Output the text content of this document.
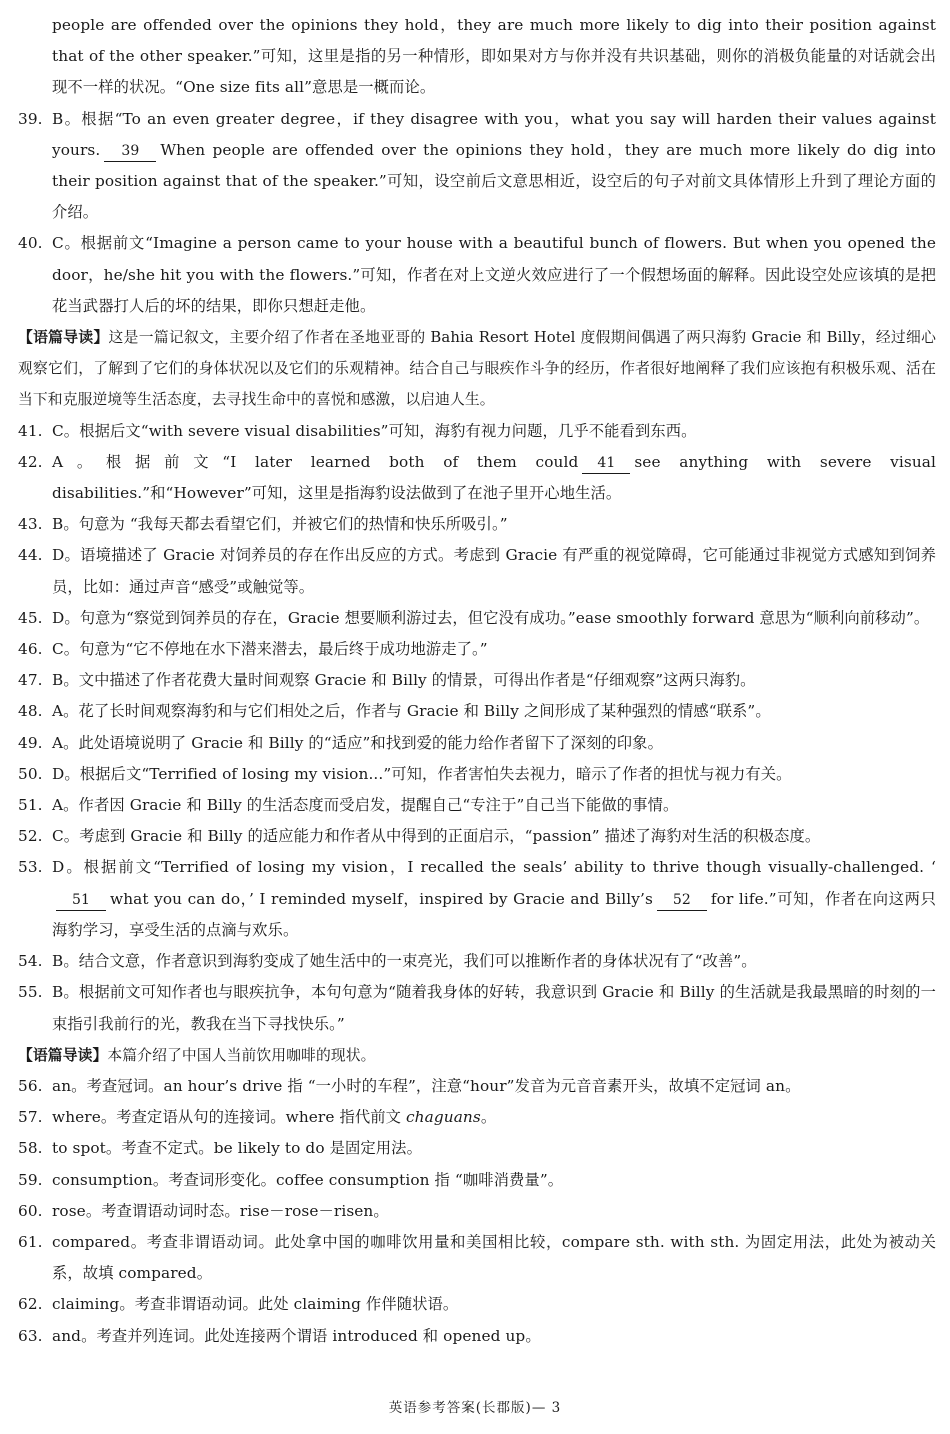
people are offended over the opinions they hold，they are much more likely to dig into their position against that of the other speaker.”可知，这里是指的另一种情形，即如果对方与你并没有共识基础，则你的消极负能量的对话就会出现不一样的状况。“One size fits all”意思是一概而论。

39. B。根据“To an even greater degree，if they disagree with you，what you say will harden their values against yours. 39 When people are offended over the opinions they hold，they are much more likely do dig into their position against that of the speaker.”可知，设空前后文意思相近，设空后的句子对前文具体情形上升到了理论方面的介绍。
40. C。根据前文“Imagine a person came to your house with a beautiful bunch of flowers. But when you opened the door，he/she hit you with the flowers.”可知，作者在对上文逆火效应进行了一个假想场面的解释。因此设空处应该填的是把花当武器打人后的坏的结果，即你只想赶走他。

【语篇导读】这是一篇记叙文，主要介绍了作者在圣地亚哥的 Bahia Resort Hotel 度假期间偶遇了两只海豹 Gracie 和 Billy，经过细心观察它们，了解到了它们的身体状况以及它们的乐观精神。结合自己与眼疾作斗争的经历，作者很好地阐释了我们应该抱有积极乐观、活在当下和克服逆境等生活态度，去寻找生命中的喜悦和感激，以启迪人生。

41. C。根据后文“with severe visual disabilities”可知，海豹有视力问题，几乎不能看到东西。
42. A。根据前文“I later learned both of them could 41 see anything with severe visual disabilities.”和“However”可知，这里是指海豹设法做到了在池子里开心地生活。
43. B。句意为 “我每天都去看望它们，并被它们的热情和快乐所吸引。”
44. D。语境描述了 Gracie 对饲养员的存在作出反应的方式。考虑到 Gracie 有严重的视觉障碍，它可能通过非视觉方式感知到饲养员，比如：通过声音“感受”或触觉等。
45. D。句意为“察觉到饲养员的存在，Gracie 想要顺利游过去，但它没有成功。”ease smoothly forward 意思为“顺利向前移动”。
46. C。句意为“它不停地在水下潜来潜去，最后终于成功地游走了。”
47. B。文中描述了作者花费大量时间观察 Gracie 和 Billy 的情景，可得出作者是“仔细观察”这两只海豹。
48. A。花了长时间观察海豹和与它们相处之后，作者与 Gracie 和 Billy 之间形成了某种强烈的情感“联系”。
49. A。此处语境说明了 Gracie 和 Billy 的“适应”和找到爱的能力给作者留下了深刻的印象。
50. D。根据后文“Terrified of losing my vision...”可知，作者害怕失去视力，暗示了作者的担忧与视力有关。
51. A。作者因 Gracie 和 Billy 的生活态度而受启发，提醒自己“专注于”自己当下能做的事情。
52. C。考虑到 Gracie 和 Billy 的适应能力和作者从中得到的正面启示，“passion” 描述了海豹对生活的积极态度。
53. D。根据前文“Terrified of losing my vision，I recalled the seals’ ability to thrive though visually-challenged. ‘51 what you can do，’ I reminded myself，inspired by Gracie and Billy’s 52 for life.”可知，作者在向这两只海豹学习，享受生活的点滴与欢乐。
54. B。结合文意，作者意识到海豹变成了她生活中的一束亮光，我们可以推断作者的身体状况有了“改善”。
55. B。根据前文可知作者也与眼疾抗争，本句句意为“随着我身体的好转，我意识到 Gracie 和 Billy 的生活就是我最黑暗的时刻的一束指引我前行的光，教我在当下寻找快乐。”

【语篇导读】本篇介绍了中国人当前饮用咖啡的现状。

56. an。考查冠词。an hour’s drive 指 “一小时的车程”，注意“hour”发音为元音音素开头，故填不定冠词 an。
57. where。考查定语从句的连接词。where 指代前文 chaguans。
58. to spot。考查不定式。be likely to do 是固定用法。
59. consumption。考查词形变化。coffee consumption 指 “咖啡消费量”。
60. rose。考查谓语动词时态。rise－rose－risen。
61. compared。考查非谓语动词。此处拿中国的咖啡饮用量和美国相比较，compare sth. with sth. 为固定用法，此处为被动关系，故填 compared。
62. claiming。考查非谓语动词。此处 claiming 作伴随状语。
63. and。考查并列连词。此处连接两个谓语 introduced 和 opened up。
英语参考答案(长郡版)— 3
